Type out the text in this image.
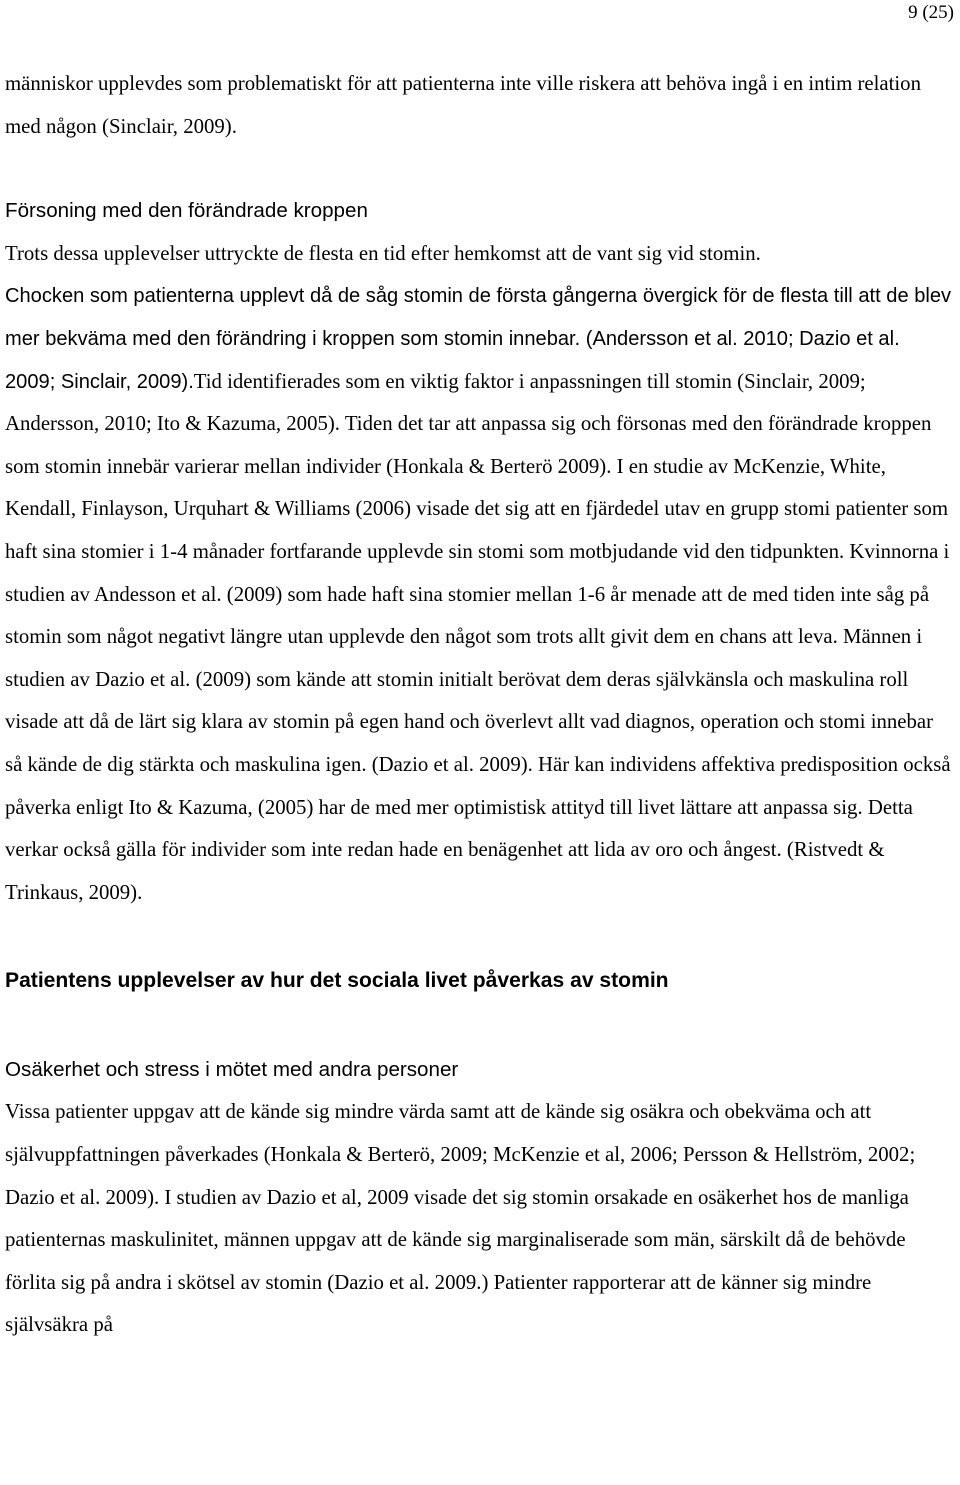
9 (25)

människor upplevdes som problematiskt för att patienterna inte ville riskera att behöva ingå i en intim relation med någon (Sinclair, 2009).

Försoning med den förändrade kroppen

Trots dessa upplevelser uttryckte de flesta en tid efter hemkomst att de vant sig vid stomin.
Chocken som patienterna upplevt då de såg stomin de första gångerna övergick för de flesta till att de blev mer bekväma med den förändring i kroppen som stomin innebar. (Andersson et al. 2010; Dazio et al. 2009; Sinclair, 2009).Tid identifierades som en viktig faktor i anpassningen till stomin (Sinclair, 2009; Andersson, 2010; Ito & Kazuma, 2005). Tiden det tar att anpassa sig och försonas med den förändrade kroppen som stomin innebär varierar mellan individer (Honkala & Berterö 2009). I en studie av McKenzie, White, Kendall, Finlayson, Urquhart & Williams (2006) visade det sig att en fjärdedel utav en grupp stomi patienter som haft sina stomier i 1-4 månader fortfarande upplevde sin stomi som motbjudande vid den tidpunkten. Kvinnorna i studien av Andesson et al. (2009) som hade haft sina stomier mellan 1-6 år menade att de med tiden inte såg på stomin som något negativt längre utan upplevde den något som trots allt givit dem en chans att leva. Männen i studien av Dazio et al. (2009) som kände att stomin initialt berövat dem deras självkänsla och maskulina roll visade att då de lärt sig klara av stomin på egen hand och överlevt allt vad diagnos, operation och stomi innebar så kände de dig stärkta och maskulina igen. (Dazio et al. 2009). Här kan individens affektiva predisposition också påverka enligt Ito & Kazuma, (2005) har de med mer optimistisk attityd till livet lättare att anpassa sig. Detta verkar också gälla för individer som inte redan hade en benägenhet att lida av oro och ångest. (Ristvedt & Trinkaus, 2009).

Patientens upplevelser av hur det sociala livet påverkas av stomin

Osäkerhet och stress i mötet med andra personer

Vissa patienter uppgav att de kände sig mindre värda samt att de kände sig osäkra och obekväma och att självuppfattningen påverkades (Honkala & Berterö, 2009; McKenzie et al, 2006; Persson & Hellström, 2002; Dazio et al. 2009). I studien av Dazio et al, 2009 visade det sig stomin orsakade en osäkerhet hos de manliga patienternas maskulinitet, männen uppgav att de kände sig marginaliserade som män, särskilt då de behövde förlita sig på andra i skötsel av stomin (Dazio et al. 2009.) Patienter rapporterar att de känner sig mindre självsäkra på
